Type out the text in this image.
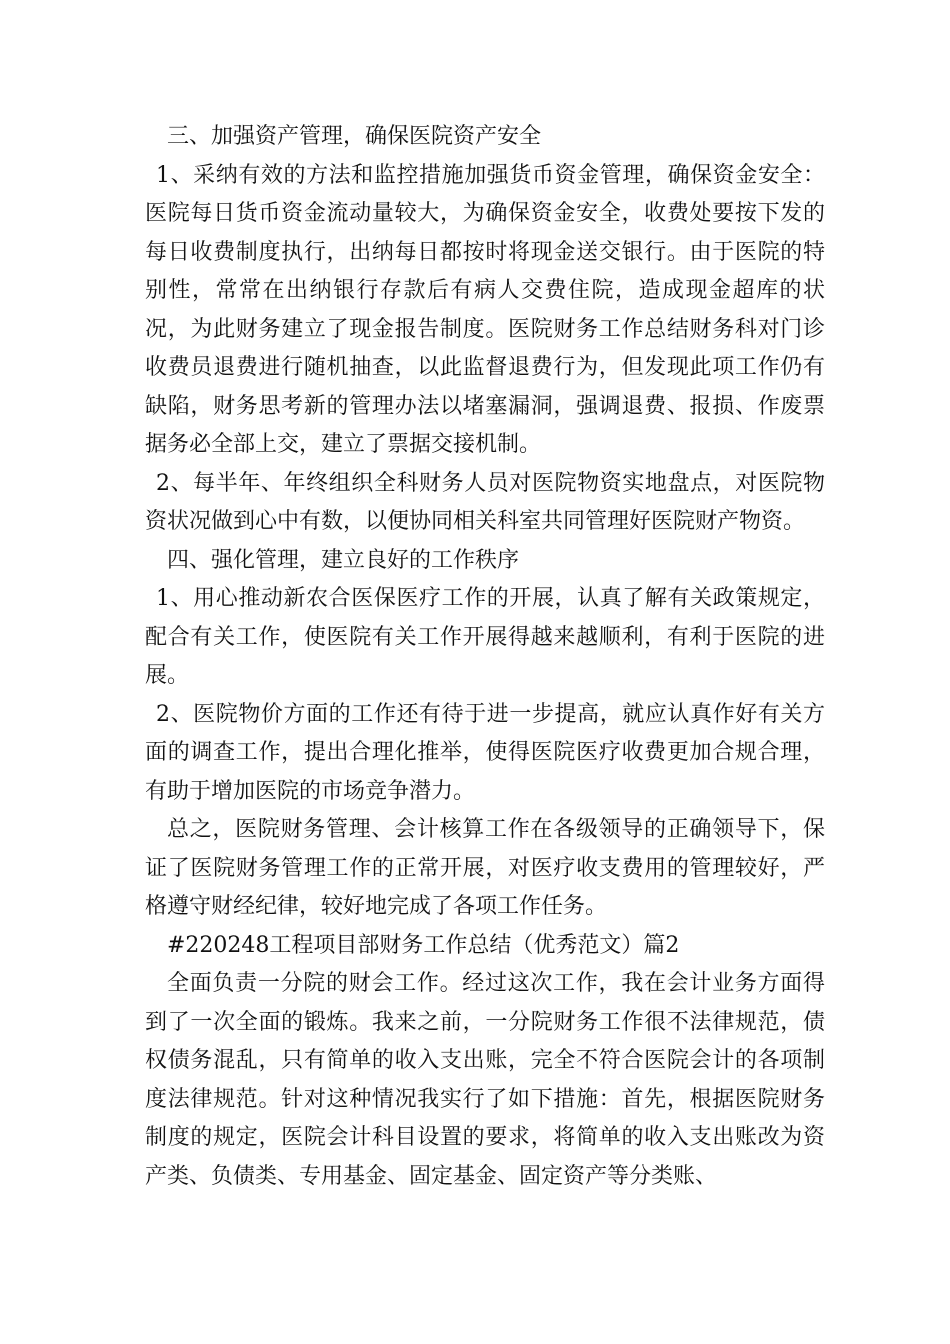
三、加强资产管理，确保医院资产安全

1、采纳有效的方法和监控措施加强货币资金管理，确保资金安全：医院每日货币资金流动量较大，为确保资金安全，收费处要按下发的每日收费制度执行，出纳每日都按时将现金送交银行。由于医院的特别性，常常在出纳银行存款后有病人交费住院，造成现金超库的状况，为此财务建立了现金报告制度。医院财务工作总结财务科对门诊收费员退费进行随机抽查，以此监督退费行为，但发现此项工作仍有缺陷，财务思考新的管理办法以堵塞漏洞，强调退费、报损、作废票据务必全部上交，建立了票据交接机制。

2、每半年、年终组织全科财务人员对医院物资实地盘点，对医院物资状况做到心中有数，以便协同相关科室共同管理好医院财产物资。

四、强化管理，建立良好的工作秩序

1、用心推动新农合医保医疗工作的开展，认真了解有关政策规定，配合有关工作，使医院有关工作开展得越来越顺利，有利于医院的进展。

2、医院物价方面的工作还有待于进一步提高，就应认真作好有关方面的调查工作，提出合理化推举，使得医院医疗收费更加合规合理，有助于增加医院的市场竞争潜力。

总之，医院财务管理、会计核算工作在各级领导的正确领导下，保证了医院财务管理工作的正常开展，对医疗收支费用的管理较好，严格遵守财经纪律，较好地完成了各项工作任务。

#220248工程项目部财务工作总结（优秀范文）篇2

全面负责一分院的财会工作。经过这次工作，我在会计业务方面得到了一次全面的锻炼。我来之前，一分院财务工作很不法律规范，债权债务混乱，只有简单的收入支出账，完全不符合医院会计的各项制度法律规范。针对这种情况我实行了如下措施：首先，根据医院财务制度的规定，医院会计科目设置的要求，将简单的收入支出账改为资产类、负债类、专用基金、固定基金、固定资产等分类账、
